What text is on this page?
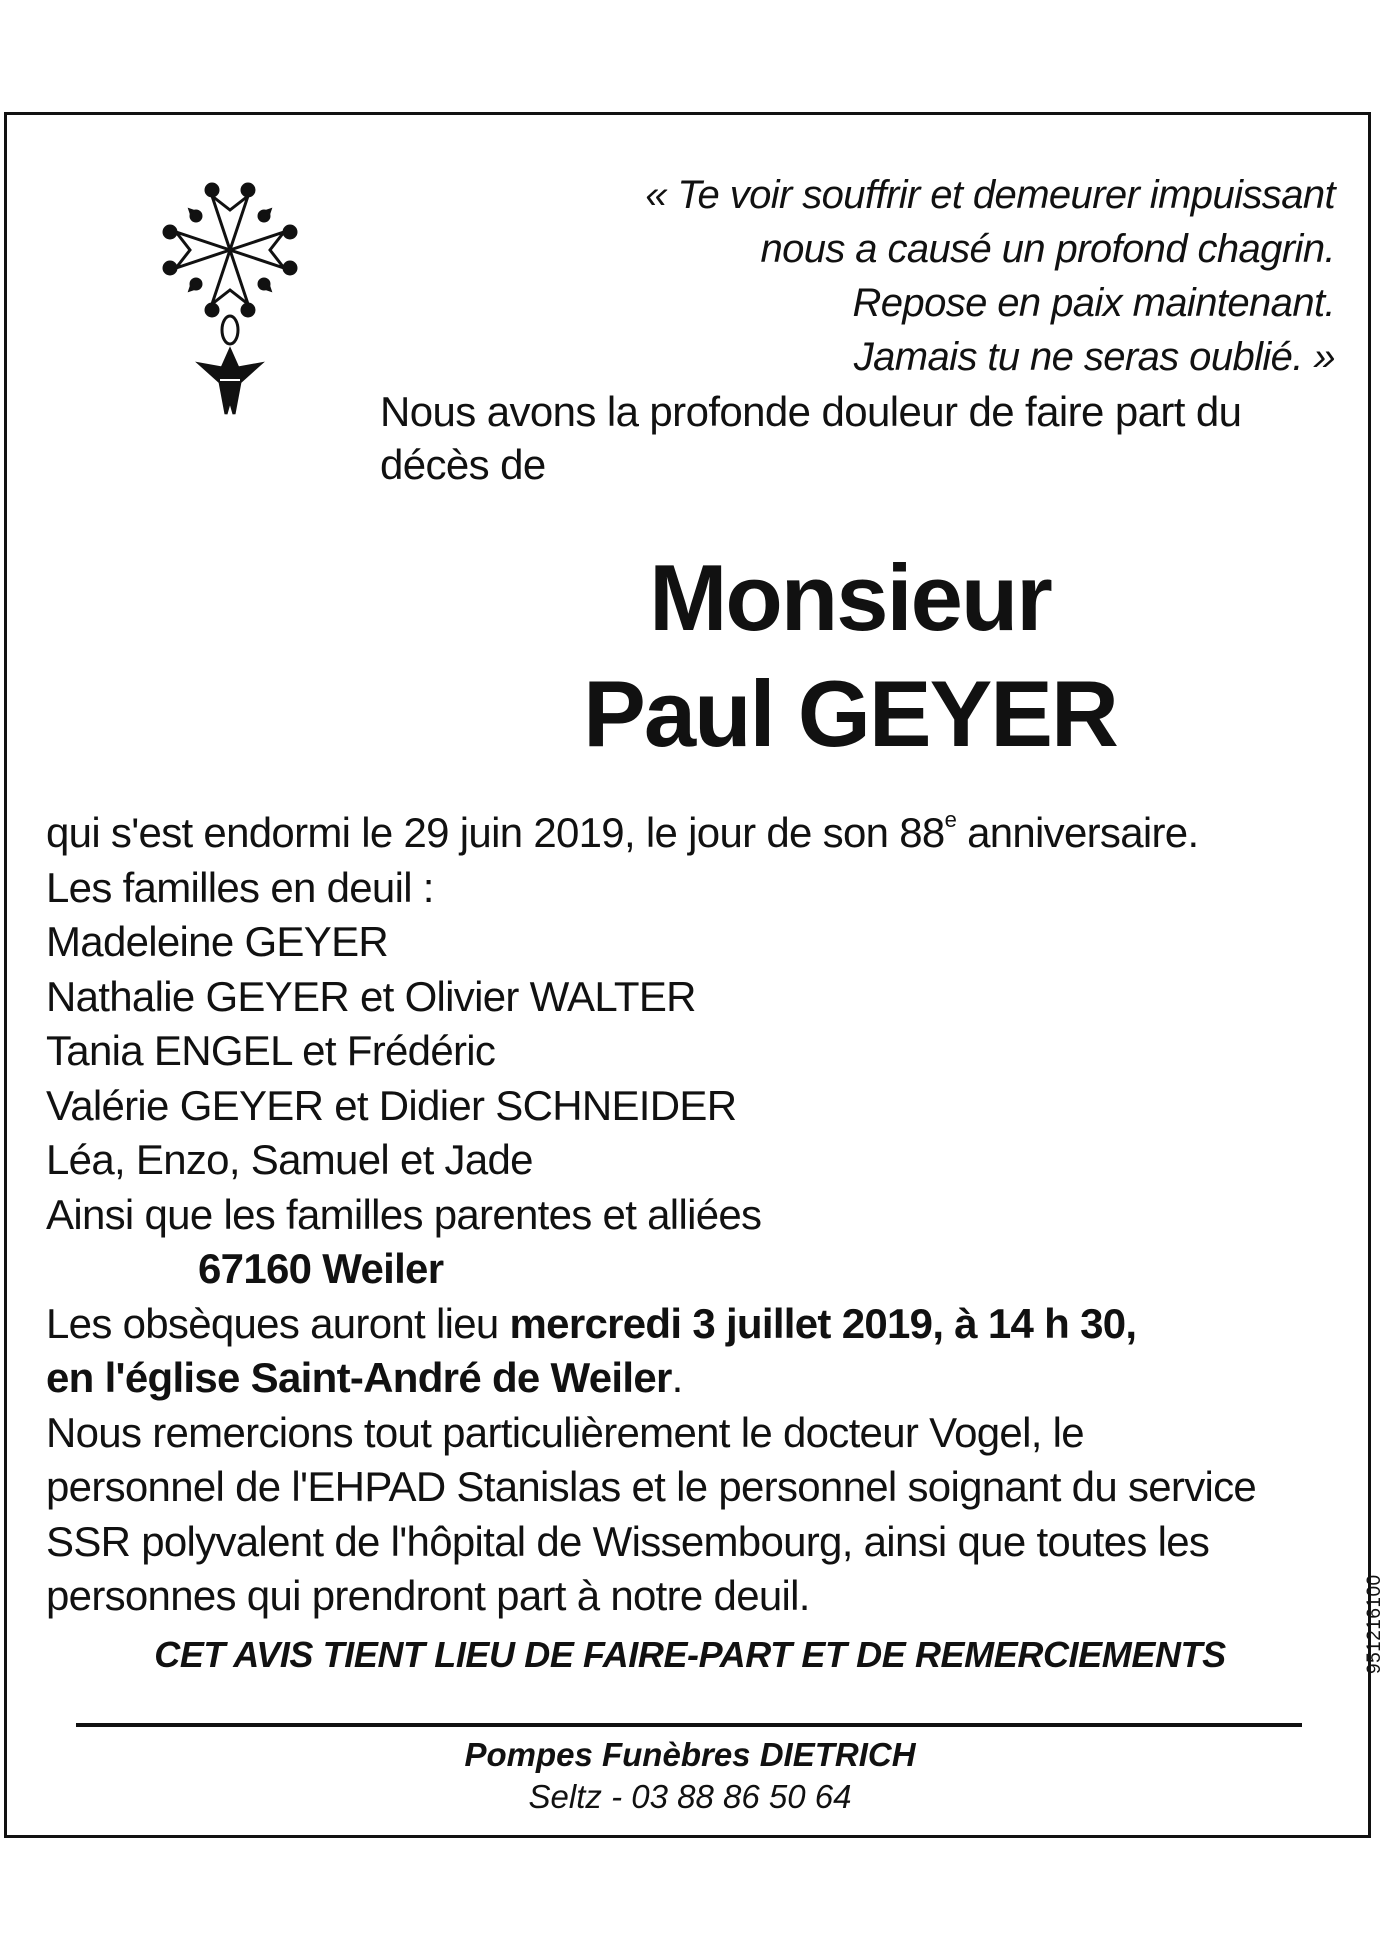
« Te voir souffrir et demeurer impuissant
nous a causé un profond chagrin.
Repose en paix maintenant.
Jamais tu ne seras oublié. »
Nous avons la profonde douleur de faire part du décès de
Monsieur
Paul GEYER
qui s'est endormi le 29 juin 2019, le jour de son 88e anniversaire.
Les familles en deuil :
Madeleine GEYER
Nathalie GEYER et Olivier WALTER
Tania ENGEL et Frédéric
Valérie GEYER et Didier SCHNEIDER
Léa, Enzo, Samuel et Jade
Ainsi que les familles parentes et alliées
67160 Weiler
Les obsèques auront lieu mercredi 3 juillet 2019, à 14 h 30,
en l'église Saint-André de Weiler.
Nous remercions tout particulièrement le docteur Vogel, le
personnel de l'EHPAD Stanislas et le personnel soignant du service
SSR polyvalent de l'hôpital de Wissembourg, ainsi que toutes les
personnes qui prendront part à notre deuil.
CET AVIS TIENT LIEU DE FAIRE-PART ET DE REMERCIEMENTS
Pompes Funèbres DIETRICH
Seltz - 03 88 86 50 64
951216100
